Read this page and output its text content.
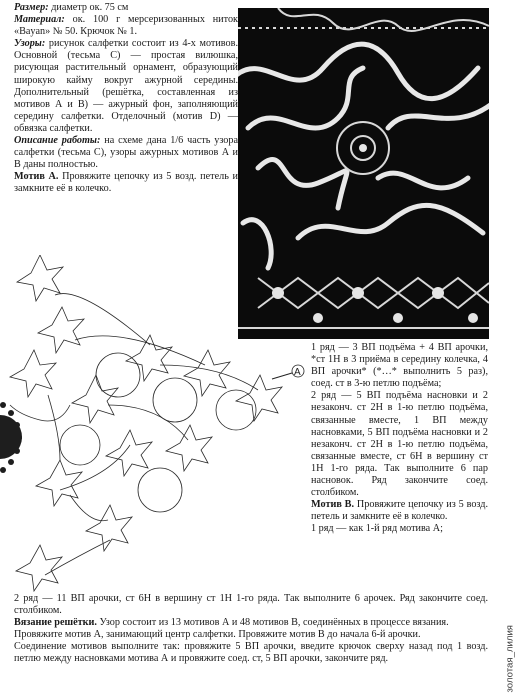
Размер: диаметр ок. 75 см

Материал: ок. 100 г мерсеризованных ниток «Bayan» № 50. Крючок № 1.

Узоры: рисунок салфетки состоит из 4-х мотивов. Основной (тесьма С) — простая вилюшка, рисующая растительный орнамент, образующий широкую кайму вокруг ажурной середины. Дополнительный (решётка, составленная из мотивов А и В) — ажурный фон, заполняющий середину салфетки. Отделочный (мотив D) — обвязка салфетки.

Описание работы: на схеме дана 1/6 часть узора салфетки (тесьма С), узоры ажурных мотивов А и В даны полностью.

Мотив А. Провяжите цепочку из 5 возд. петель и замкните её в колечко.

A

1 ряд — 3 ВП подъёма + 4 ВП арочки, *ст 1Н в 3 приёма в середину колечка, 4 ВП арочки* (*…* выполнить 5 раз), соед. ст в 3-ю петлю подъёма;

2 ряд — 5 ВП подъёма насновки и 2 незаконч. ст 2Н в 1-ю петлю подъёма, связанные вместе, 1 ВП между насновками, 5 ВП подъёма насновки и 2 незаконч. ст 2Н в 1-ю петлю подъёма, связанные вместе, ст 6Н в вершину ст 1Н 1-го ряда. Так выполните 6 пар насновок. Ряд закончите соед. столбиком.

Мотив В. Провяжите цепочку из 5 возд. петель и замкните её в колечко.

1 ряд — как 1-й ряд мотива А;

2 ряд — 11 ВП арочки, ст 6Н в вершину ст 1Н 1-го ряда. Так выполните 6 арочек. Ряд закончите соед. столбиком.

Вязание решётки. Узор состоит из 13 мотивов А и 48 мотивов В, соединённых в процессе вязания.

Провяжите мотив А, занимающий центр салфетки. Провяжите мотив В до начала 6-й арочки.

Соединение мотивов выполните так: провяжите 5 ВП арочки, введите крючок сверху назад под 1 возд. петлю между насновками мотива А и провяжите соед. ст, 5 ВП арочки, закончите ряд.	золотая_лилия
